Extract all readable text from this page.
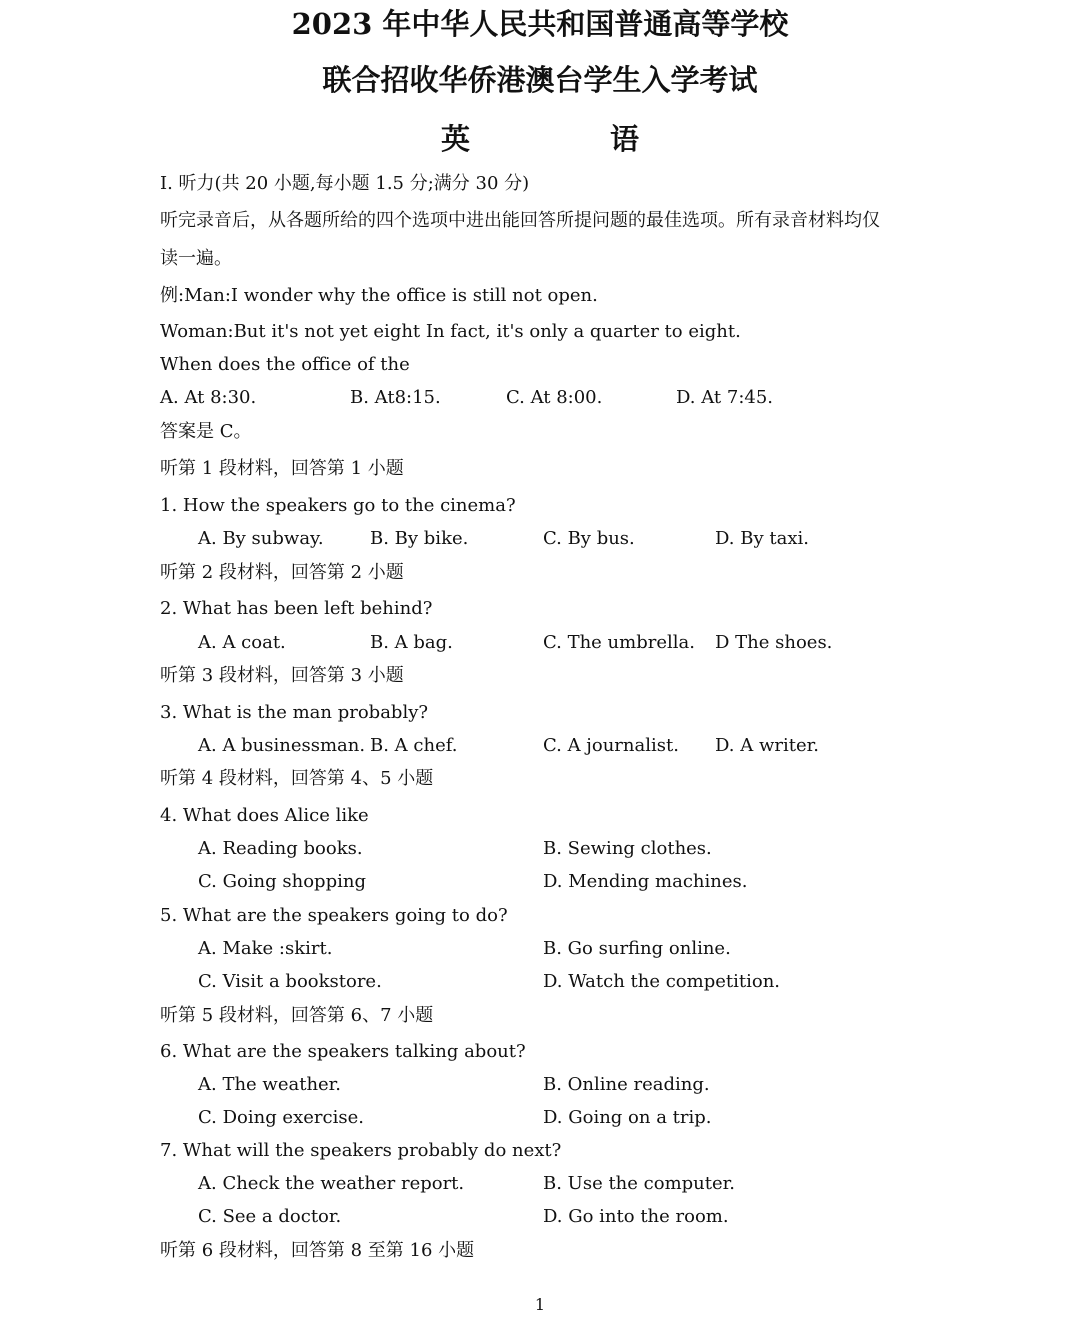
2023 年中华人民共和国普通高等学校
联合招收华侨港澳台学生入学考试
英	语
I. 听力(共 20 小题,每小题 1.5 分;满分 30 分)
听完录音后，从各题所给的四个选项中进出能回答所提问题的最佳选项。所有录音材料均仅
读一遍。
例:Man:I wonder why the office is still not open.
Woman:But it's not yet eight In fact, it's only a quarter to eight.
When does the office of the
A. At 8:30.	B. At8:15.	C. At 8:00.	D. At 7:45.
答案是 C。
听第 1 段材料，回答第 1 小题
1. How the speakers go to the cinema?
A. By subway.	B. By bike.	C. By bus.	D. By taxi.
听第 2 段材料，回答第 2 小题
2. What has been left behind?
A. A coat.	B. A bag.	C. The umbrella. D The shoes.
听第 3 段材料，回答第 3 小题
3. What is the man probably?
A. A businessman. B. A chef.	C. A journalist. D. A writer.
听第 4 段材料，回答第 4、5 小题
4. What does Alice like
A. Reading books.	B. Sewing clothes.
C. Going shopping	D. Mending machines.
5. What are the speakers going to do?
A. Make :skirt.	B. Go surfing online.
C. Visit a bookstore.	D. Watch the competition.
听第 5 段材料，回答第 6、7 小题
6. What are the speakers talking about?
A. The weather.	B. Online reading.
C. Doing exercise.	D. Going on a trip.
7. What will the speakers probably do next?
A. Check the weather report.	B. Use the computer.
C. See a doctor.	D. Go into the room.
听第 6 段材料，回答第 8 至第 16 小题
1
